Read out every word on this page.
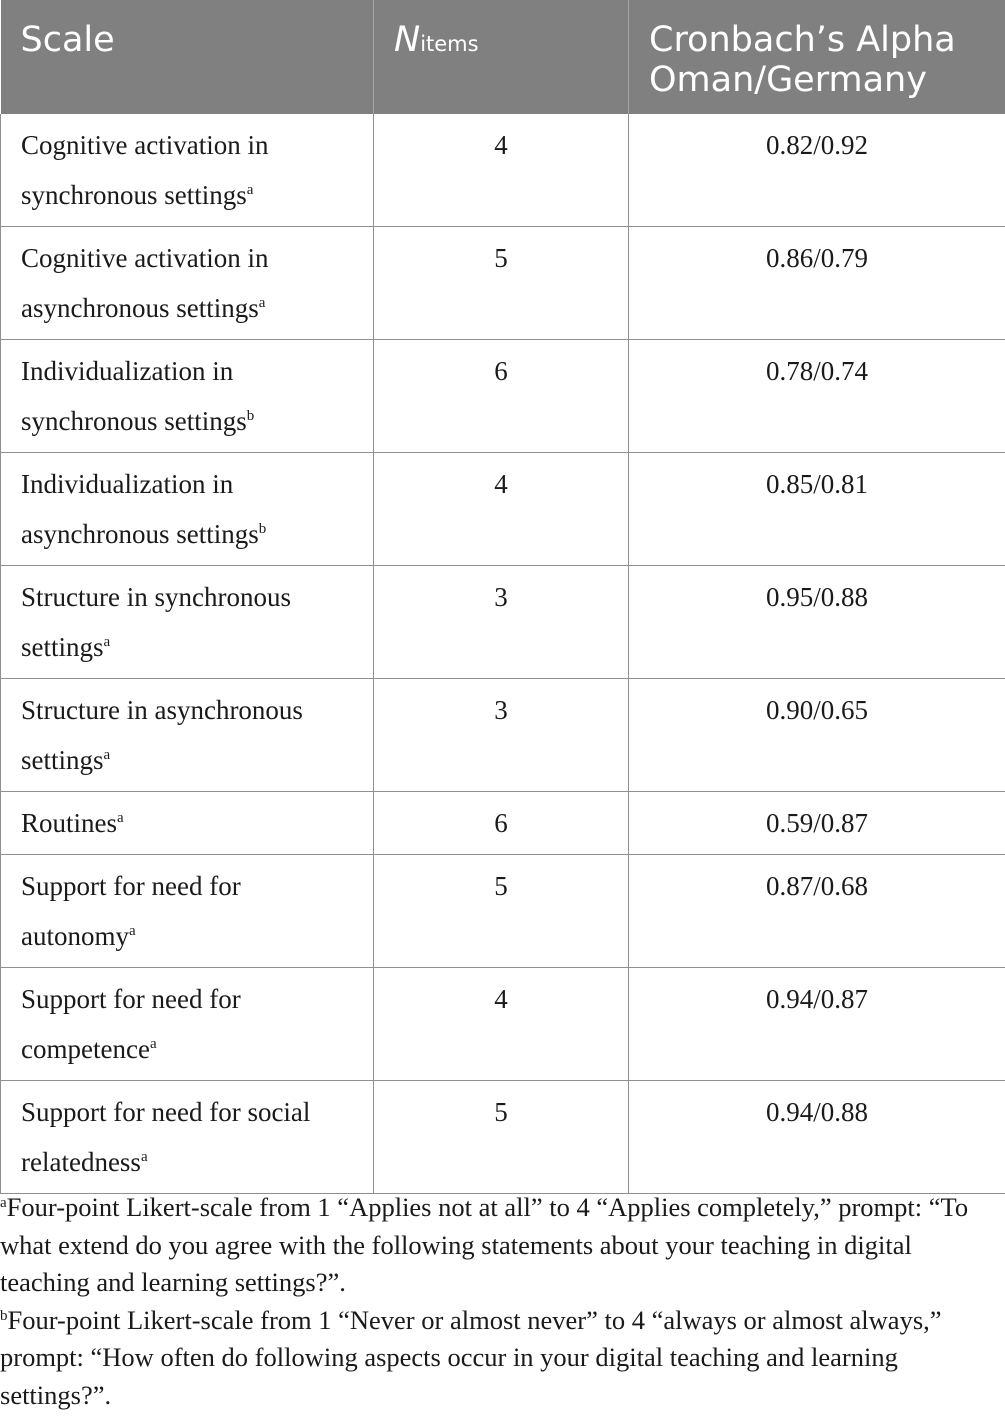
Scale	Nitems	Cronbach’s Alpha
Oman/Germany
Cognitive activation in
synchronous settings$^a$	4	0.82/0.92
Cognitive activation in
asynchronous settings$^a$	5	0.86/0.79
Individualization in
synchronous settings$^b$	6	0.78/0.74
Individualization in
asynchronous settings$^b$	4	0.85/0.81
Structure in synchronous
settings$^a$	3	0.95/0.88
Structure in asynchronous
settings$^a$	3	0.90/0.65
Routines$^a$	6	0.59/0.87
Support for need for
autonomy$^a$	5	0.87/0.68
Support for need for
competence$^a$	4	0.94/0.87
Support for need for social
relatedness$^a$	5	0.94/0.88

$^a$Four-point Likert-scale from 1 “Applies not at all” to 4 “Applies completely,” prompt: “To what extend do you agree with the following statements about your teaching in digital teaching and learning settings?”.

$^b$Four-point Likert-scale from 1 “Never or almost never” to 4 “always or almost always,” prompt: “How often do following aspects occur in your digital teaching and learning settings?”.
